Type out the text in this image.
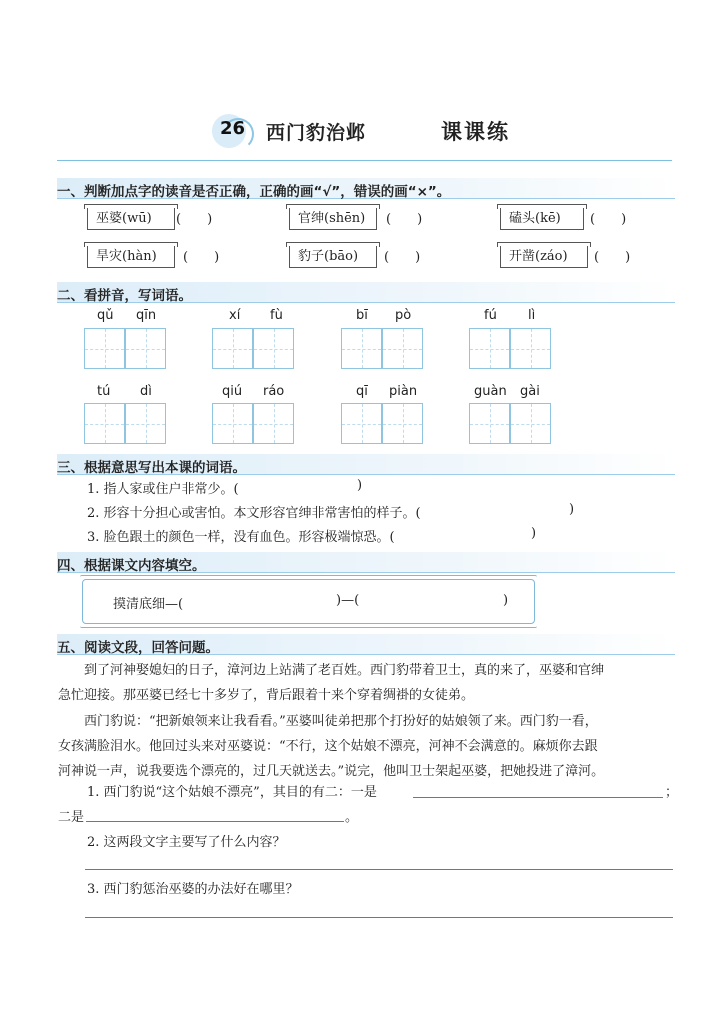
26 西门豹治邺	课课练
一、判断加点字的读音是否正确，正确的画“√”，错误的画“×”。
巫婆(wū)	(　　)	官绅(shēn)	(　　)	磕头(kē)	(　　)
旱灾(hàn)	(　　)	豹子(bāo)	(　　)	开凿(záo)	(　　)
二、看拼音，写词语。
qǔ qīn	xí fù	bī pò	fú lì
tú dì	qiú ráo	qī piàn	guàn gài
三、根据意思写出本课的词语。
1. 指人家或住户非常少。(	)
2. 形容十分担心或害怕。本文形容官绅非常害怕的样子。(	)
3. 脸色跟土的颜色一样，没有血色。形容极端惊恐。(	)
四、根据课文内容填空。
摸清底细—(	)—(	)
五、阅读文段，回答问题。
　　到了河神娶媳妇的日子，漳河边上站满了老百姓。西门豹带着卫士，真的来了，巫婆和官绅
急忙迎接。那巫婆已经七十多岁了，背后跟着十来个穿着绸褂的女徒弟。
　　西门豹说：“把新娘领来让我看看。”巫婆叫徒弟把那个打扮好的姑娘领了来。西门豹一看，
女孩满脸泪水。他回过头来对巫婆说：“不行，这个姑娘不漂亮，河神不会满意的。麻烦你去跟
河神说一声，说我要选个漂亮的，过几天就送去。”说完，他叫卫士架起巫婆，把她投进了漳河。
1. 西门豹说“这个姑娘不漂亮”，其目的有二：一是	；
二是	。
2. 这两段文字主要写了什么内容？
3. 西门豹惩治巫婆的办法好在哪里？
